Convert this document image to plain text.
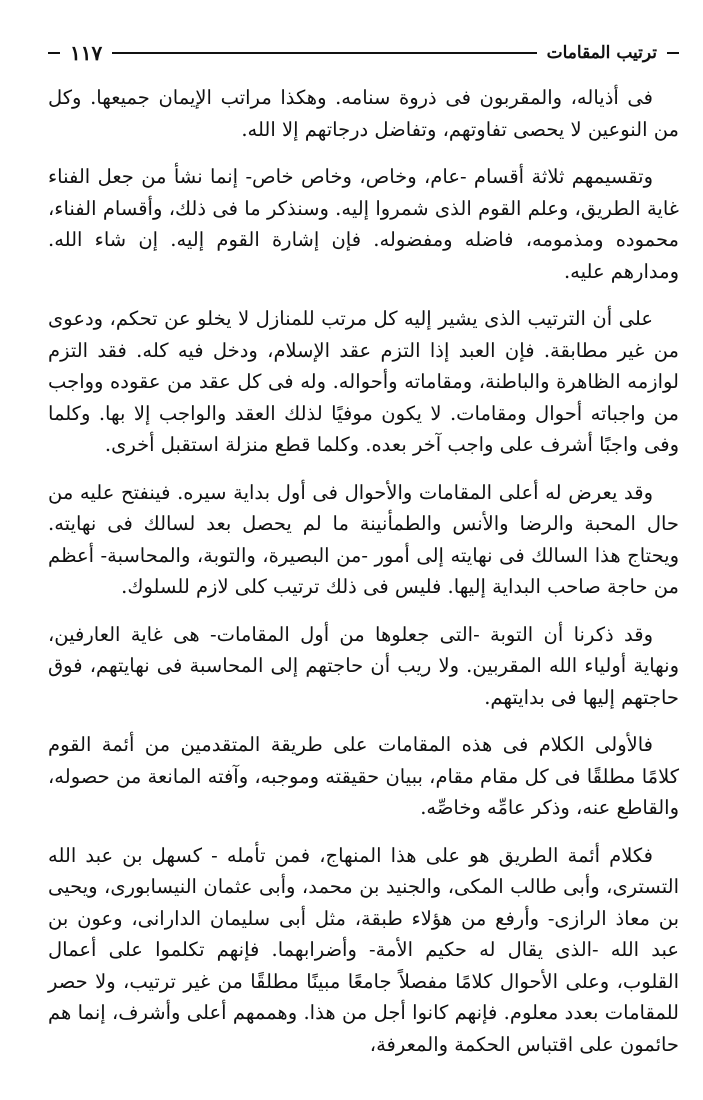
ترتيب المقامات
١١٧

فى أذياله، والمقربون فى ذروة سنامه. وهكذا مراتب الإيمان جميعها. وكل من النوعين لا يحصى تفاوتهم، وتفاضل درجاتهم إلا الله.

وتقسيمهم ثلاثة أقسام -عام، وخاص، وخاص خاص- إنما نشأ من جعل الفناء غاية الطريق، وعلم القوم الذى شمروا إليه. وسنذكر ما فى ذلك، وأقسام الفناء، محموده ومذمومه، فاضله ومفضوله. فإن إشارة القوم إليه. إن شاء الله. ومدارهم عليه.

على أن الترتيب الذى يشير إليه كل مرتب للمنازل لا يخلو عن تحكم، ودعوى من غير مطابقة. فإن العبد إذا التزم عقد الإسلام، ودخل فيه كله. فقد التزم لوازمه الظاهرة والباطنة، ومقاماته وأحواله. وله فى كل عقد من عقوده وواجب من واجباته أحوال ومقامات. لا يكون موفيًا لذلك العقد والواجب إلا بها. وكلما وفى واجبًا أشرف على واجب آخر بعده. وكلما قطع منزلة استقبل أخرى.

وقد يعرض له أعلى المقامات والأحوال فى أول بداية سيره. فينفتح عليه من حال المحبة والرضا والأنس والطمأنينة ما لم يحصل بعد لسالك فى نهايته. ويحتاج هذا السالك فى نهايته إلى أمور -من البصيرة، والتوبة، والمحاسبة- أعظم من حاجة صاحب البداية إليها. فليس فى ذلك ترتيب كلى لازم للسلوك.

وقد ذكرنا أن التوبة -التى جعلوها من أول المقامات- هى غاية العارفين، ونهاية أولياء الله المقربين. ولا ريب أن حاجتهم إلى المحاسبة فى نهايتهم، فوق حاجتهم إليها فى بدايتهم.

فالأولى الكلام فى هذه المقامات على طريقة المتقدمين من أئمة القوم كلامًا مطلقًا فى كل مقام مقام، ببيان حقيقته وموجبه، وآفته المانعة من حصوله، والقاطع عنه، وذكر عامِّه وخاصِّه.

فكلام أئمة الطريق هو على هذا المنهاج، فمن تأمله - كسهل بن عبد الله التسترى، وأبى طالب المكى، والجنيد بن محمد، وأبى عثمان النيسابورى، ويحيى بن معاذ الرازى- وأرفع من هؤلاء طبقة، مثل أبى سليمان الدارانى، وعون بن عبد الله -الذى يقال له حكيم الأمة- وأضرابهما. فإنهم تكلموا على أعمال القلوب، وعلى الأحوال كلامًا مفصلاً جامعًا مبينًا مطلقًا من غير ترتيب، ولا حصر للمقامات بعدد معلوم. فإنهم كانوا أجل من هذا. وهممهم أعلى وأشرف، إنما هم حائمون على اقتباس الحكمة والمعرفة،
